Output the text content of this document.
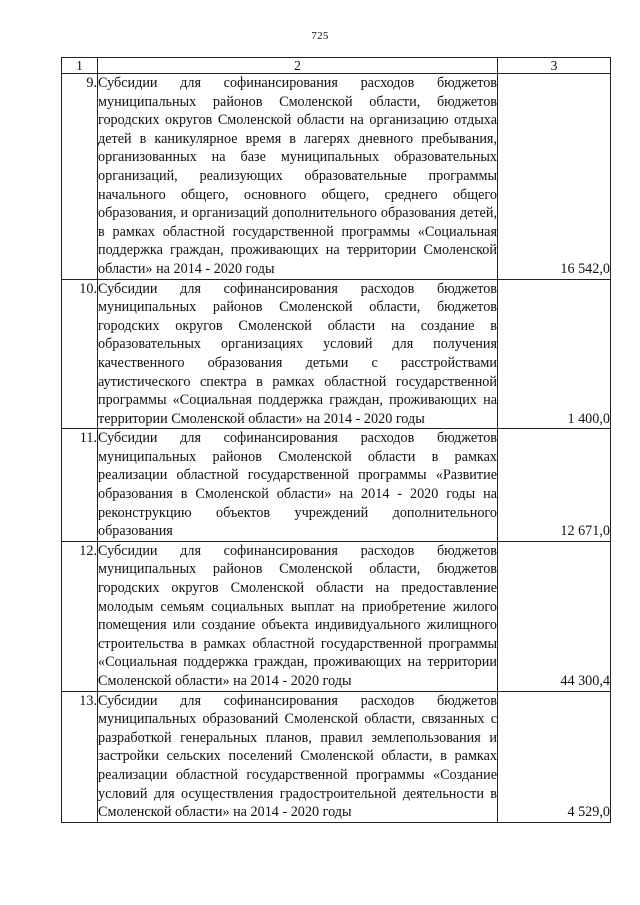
725
1	2	3
9.	Субсидии для софинансирования расходов бюджетов муниципальных районов Смоленской области, бюджетов городских округов Смоленской области на организацию отдыха детей в каникулярное время в лагерях дневного пребывания, организованных на базе муниципальных образовательных организаций, реализующих образовательные программы начального общего, основного общего, среднего общего образования, и организаций дополнительного образования детей, в рамках областной государственной программы «Социальная поддержка граждан, проживающих на территории Смоленской области» на 2014 - 2020 годы	16 542,0
10.	Субсидии для софинансирования расходов бюджетов муниципальных районов Смоленской области, бюджетов городских округов Смоленской области на создание в образовательных организациях условий для получения качественного образования детьми с расстройствами аутистического спектра в рамках областной государственной программы «Социальная поддержка граждан, проживающих на территории Смоленской области» на 2014 - 2020 годы	1 400,0
11.	Субсидии для софинансирования расходов бюджетов муниципальных районов Смоленской области в рамках реализации областной государственной программы «Развитие образования в Смоленской области» на 2014 - 2020 годы на реконструкцию объектов учреждений дополнительного образования	12 671,0
12.	Субсидии для софинансирования расходов бюджетов муниципальных районов Смоленской области, бюджетов городских округов Смоленской области на предоставление молодым семьям социальных выплат на приобретение жилого помещения или создание объекта индивидуального жилищного строительства в рамках областной государственной программы «Социальная поддержка граждан, проживающих на территории Смоленской области» на 2014 - 2020 годы	44 300,4
13.	Субсидии для софинансирования расходов бюджетов муниципальных образований Смоленской области, связанных с разработкой генеральных планов, правил землепользования и застройки сельских поселений Смоленской области, в рамках реализации областной государственной программы «Создание условий для осуществления градостроительной деятельности в Смоленской области» на 2014 - 2020 годы	4 529,0
